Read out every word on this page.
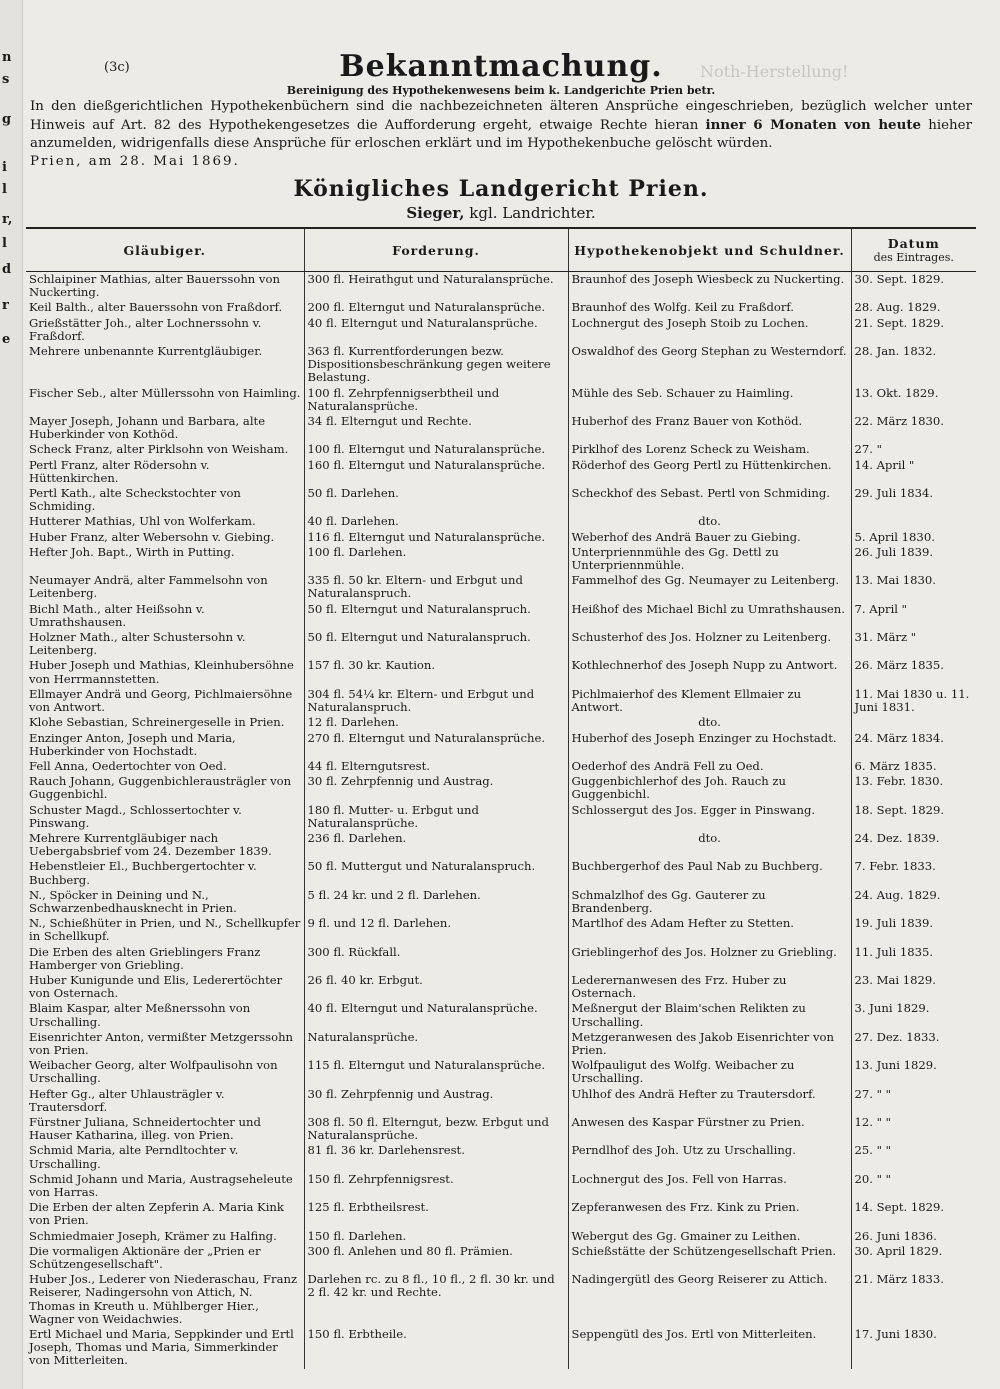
n
s
g
i
l
r,
l
d
r
e
Noth-Herstellung!
(3c)	Bekanntmachung.
Bereinigung des Hypothekenwesens beim k. Landgerichte Prien betr.
In den dießgerichtlichen Hypothekenbüchern sind die nachbezeichneten älteren Ansprüche eingeschrieben, bezüglich welcher unter Hinweis auf Art. 82 des Hypothekengesetzes die Aufforderung ergeht, etwaige Rechte hieran inner 6 Monaten von heute hieher anzumelden, widrigenfalls diese Ansprüche für erloschen erklärt und im Hypothekenbuche gelöscht würden.
Prien, am 28. Mai 1869.
Königliches Landgericht Prien.
Sieger, kgl. Landrichter.
Gläubiger.	Forderung.	Hypothekenobjekt und Schuldner.	Datum
des Eintrages.

Schlaipiner Mathias, alter Bauerssohn von Nuckerting.	300 fl. Heirathgut und Naturalansprüche.	Braunhof des Joseph Wiesbeck zu Nuckerting.	30. Sept. 1829.
Keil Balth., alter Bauerssohn von Fraßdorf.	200 fl. Elterngut und Naturalansprüche.	Braunhof des Wolfg. Keil zu Fraßdorf.	28. Aug. 1829.
Grießstätter Joh., alter Lochnerssohn v. Fraßdorf.	40 fl. Elterngut und Naturalansprüche.	Lochnergut des Joseph Stoib zu Lochen.	21. Sept. 1829.
Mehrere unbenannte Kurrentgläubiger.	363 fl. Kurrentforderungen bezw. Dispositionsbeschränkung gegen weitere Belastung.	Oswaldhof des Georg Stephan zu Westerndorf.	28. Jan. 1832.
Fischer Seb., alter Müllerssohn von Haimling.	100 fl. Zehrpfennigserbtheil und Naturalansprüche.	Mühle des Seb. Schauer zu Haimling.	13. Okt. 1829.
Mayer Joseph, Johann und Barbara, alte Huberkinder von Kothöd.	34 fl. Elterngut und Rechte.	Huberhof des Franz Bauer von Kothöd.	22. März 1830.
Scheck Franz, alter Pirklsohn von Weisham.	100 fl. Elterngut und Naturalansprüche.	Pirklhof des Lorenz Scheck zu Weisham.	27. "
Pertl Franz, alter Rödersohn v. Hüttenkirchen.	160 fl. Elterngut und Naturalansprüche.	Röderhof des Georg Pertl zu Hüttenkirchen.	14. April "
Pertl Kath., alte Scheckstochter von Schmiding.	50 fl. Darlehen.	Scheckhof des Sebast. Pertl von Schmiding.	29. Juli 1834.
Hutterer Mathias, Uhl von Wolferkam.	40 fl. Darlehen.	dto.	
Huber Franz, alter Webersohn v. Giebing.	116 fl. Elterngut und Naturalansprüche.	Weberhof des Andrä Bauer zu Giebing.	5. April 1830.
Hefter Joh. Bapt., Wirth in Putting.	100 fl. Darlehen.	Unterpriennmühle des Gg. Dettl zu Unterpriennmühle.	26. Juli 1839.
Neumayer Andrä, alter Fammelsohn von Leitenberg.	335 fl. 50 kr. Eltern- und Erbgut und Naturalanspruch.	Fammelhof des Gg. Neumayer zu Leitenberg.	13. Mai 1830.
Bichl Math., alter Heißsohn v. Umrathshausen.	50 fl. Elterngut und Naturalanspruch.	Heißhof des Michael Bichl zu Umrathshausen.	7. April "
Holzner Math., alter Schustersohn v. Leitenberg.	50 fl. Elterngut und Naturalanspruch.	Schusterhof des Jos. Holzner zu Leitenberg.	31. März "
Huber Joseph und Mathias, Kleinhubersöhne von Herrmannstetten.	157 fl. 30 kr. Kaution.	Kothlechnerhof des Joseph Nupp zu Antwort.	26. März 1835.
Ellmayer Andrä und Georg, Pichlmaiersöhne von Antwort.	304 fl. 54¼ kr. Eltern- und Erbgut und Naturalanspruch.	Pichlmaierhof des Klement Ellmaier zu Antwort.	11. Mai 1830 u. 11. Juni 1831.
Klohe Sebastian, Schreinergeselle in Prien.	12 fl. Darlehen.	dto.	
Enzinger Anton, Joseph und Maria, Huberkinder von Hochstadt.	270 fl. Elterngut und Naturalansprüche.	Huberhof des Joseph Enzinger zu Hochstadt.	24. März 1834.
Fell Anna, Oedertochter von Oed.	44 fl. Elterngutsrest.	Oederhof des Andrä Fell zu Oed.	6. März 1835.
Rauch Johann, Guggenbichlerausträgler von Guggenbichl.	30 fl. Zehrpfennig und Austrag.	Guggenbichlerhof des Joh. Rauch zu Guggenbichl.	13. Febr. 1830.
Schuster Magd., Schlossertochter v. Pinswang.	180 fl. Mutter- u. Erbgut und Naturalansprüche.	Schlossergut des Jos. Egger in Pinswang.	18. Sept. 1829.
Mehrere Kurrentgläubiger nach Uebergabsbrief vom 24. Dezember 1839.	236 fl. Darlehen.	dto.	24. Dez. 1839.
Hebenstleier El., Buchbergertochter v. Buchberg.	50 fl. Muttergut und Naturalanspruch.	Buchbergerhof des Paul Nab zu Buchberg.	7. Febr. 1833.
N., Spöcker in Deining und N., Schwarzenbedhausknecht in Prien.	5 fl. 24 kr. und 2 fl. Darlehen.	Schmalzlhof des Gg. Gauterer zu Brandenberg.	24. Aug. 1829.
N., Schießhüter in Prien, und N., Schellkupfer in Schellkupf.	9 fl. und 12 fl. Darlehen.	Martlhof des Adam Hefter zu Stetten.	19. Juli 1839.
Die Erben des alten Grieblingers Franz Hamberger von Griebling.	300 fl. Rückfall.	Grieblingerhof des Jos. Holzner zu Griebling.	11. Juli 1835.
Huber Kunigunde und Elis, Lederertöchter von Osternach.	26 fl. 40 kr. Erbgut.	Lederernanwesen des Frz. Huber zu Osternach.	23. Mai 1829.
Blaim Kaspar, alter Meßnerssohn von Urschalling.	40 fl. Elterngut und Naturalansprüche.	Meßnergut der Blaim'schen Relikten zu Urschalling.	3. Juni 1829.
Eisenrichter Anton, vermißter Metzgerssohn von Prien.	Naturalansprüche.	Metzgeranwesen des Jakob Eisenrichter von Prien.	27. Dez. 1833.
Weibacher Georg, alter Wolfpaulisohn von Urschalling.	115 fl. Elterngut und Naturalansprüche.	Wolfpauligut des Wolfg. Weibacher zu Urschalling.	13. Juni 1829.
Hefter Gg., alter Uhlausträgler v. Trautersdorf.	30 fl. Zehrpfennig und Austrag.	Uhlhof des Andrä Hefter zu Trautersdorf.	27. " "
Fürstner Juliana, Schneidertochter und Hauser Katharina, illeg. von Prien.	308 fl. 50 fl. Elterngut, bezw. Erbgut und Naturalansprüche.	Anwesen des Kaspar Fürstner zu Prien.	12. " "
Schmid Maria, alte Perndltochter v. Urschalling.	81 fl. 36 kr. Darlehensrest.	Perndlhof des Joh. Utz zu Urschalling.	25. " "
Schmid Johann und Maria, Austragseheleute von Harras.	150 fl. Zehrpfennigsrest.	Lochnergut des Jos. Fell von Harras.	20. " "
Die Erben der alten Zepferin A. Maria Kink von Prien.	125 fl. Erbtheilsrest.	Zepferanwesen des Frz. Kink zu Prien.	14. Sept. 1829.
Schmiedmaier Joseph, Krämer zu Halfing.	150 fl. Darlehen.	Webergut des Gg. Gmainer zu Leithen.	26. Juni 1836.
Die vormaligen Aktionäre der „Prien er Schützengesellschaft".	300 fl. Anlehen und 80 fl. Prämien.	Schießstätte der Schützengesellschaft Prien.	30. April 1829.
Huber Jos., Lederer von Niederaschau, Franz Reiserer, Nadingersohn von Attich, N. Thomas in Kreuth u. Mühlberger Hier., Wagner von Weidachwies.	Darlehen rc. zu 8 fl., 10 fl., 2 fl. 30 kr. und 2 fl. 42 kr. und Rechte.	Nadingergütl des Georg Reiserer zu Attich.	21. März 1833.
Ertl Michael und Maria, Seppkinder und Ertl Joseph, Thomas und Maria, Simmerkinder von Mitterleiten.	150 fl. Erbtheile.	Seppengütl des Jos. Ertl von Mitterleiten.	17. Juni 1830.
